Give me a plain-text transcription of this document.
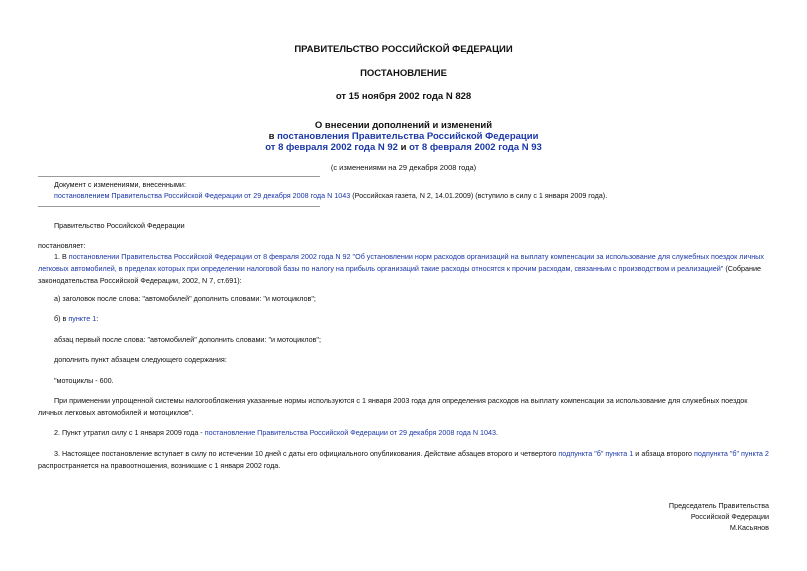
ПРАВИТЕЛЬСТВО РОССИЙСКОЙ ФЕДЕРАЦИИ
ПОСТАНОВЛЕНИЕ
от 15 ноября 2002 года N 828
О внесении дополнений и изменений
в постановления Правительства Российской Федерации
от 8 февраля 2002 года N 92 и от 8 февраля 2002 года N 93
(с изменениями на 29 декабря 2008 года)
Документ с изменениями, внесенными:
постановлением Правительства Российской Федерации от 29 декабря 2008 года N 1043 (Российская газета, N 2, 14.01.2009) (вступило в силу с 1 января 2009 года).
Правительство Российской Федерации
постановляет:
1. В постановлении Правительства Российской Федерации от 8 февраля 2002 года N 92 "Об установлении норм расходов организаций на выплату компенсации за использование для служебных поездок личных легковых автомобилей, в пределах которых при определении налоговой базы по налогу на прибыль организаций такие расходы относятся к прочим расходам, связанным с производством и реализацией" (Собрание законодательства Российской Федерации, 2002, N 7, ст.691):
а) заголовок после слова: "автомобилей" дополнить словами: "и мотоциклов";
б) в пункте 1:
абзац первый после слова: "автомобилей" дополнить словами: "и мотоциклов";
дополнить пункт абзацем следующего содержания:
"мотоциклы - 600.
При применении упрощенной системы налогообложения указанные нормы используются с 1 января 2003 года для определения расходов на выплату компенсации за использование для служебных поездок личных легковых автомобилей и мотоциклов".
2. Пункт утратил силу с 1 января 2009 года - постановление Правительства Российской Федерации от 29 декабря 2008 года N 1043.
3. Настоящее постановление вступает в силу по истечении 10 дней с даты его официального опубликования. Действие абзацев второго и четвертого подпункта "б" пункта 1 и абзаца второго подпункта "б" пункта 2 распространяется на правоотношения, возникшие с 1 января 2002 года.
Председатель Правительства
Российской Федерации
М.Касьянов
